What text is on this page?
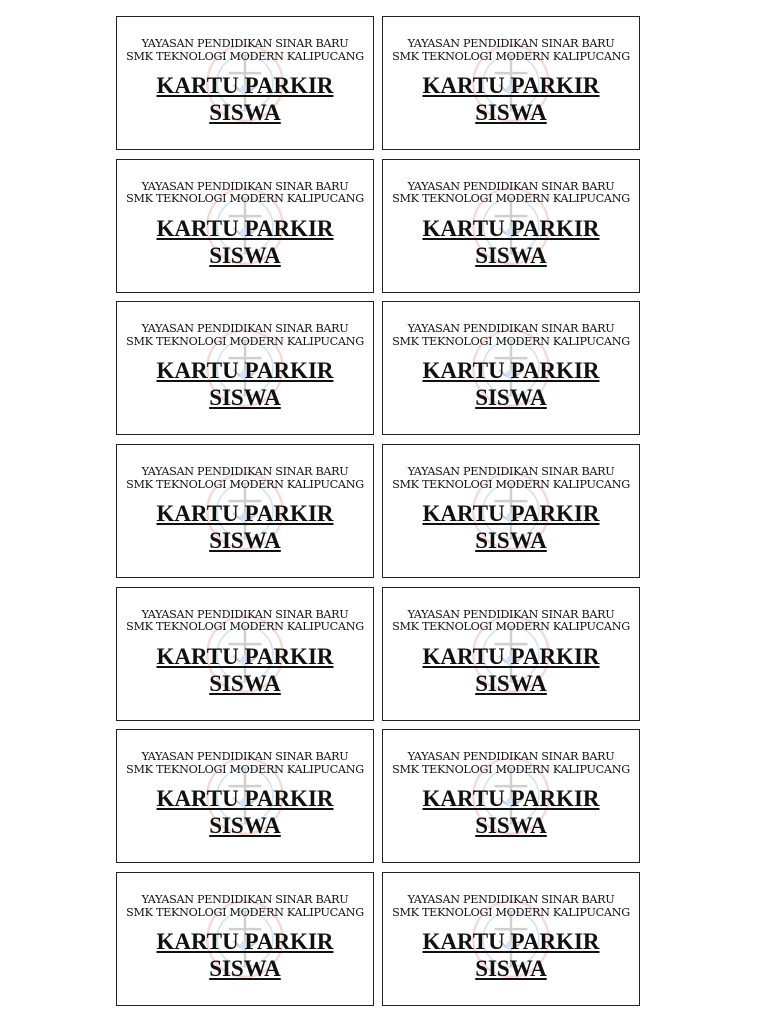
YAYASAN PENDIDIKAN SINAR BARU
SMK TEKNOLOGI MODERN KALIPUCANG
KARTU PARKIR
SISWA
YAYASAN PENDIDIKAN SINAR BARU
SMK TEKNOLOGI MODERN KALIPUCANG
KARTU PARKIR
SISWA
YAYASAN PENDIDIKAN SINAR BARU
SMK TEKNOLOGI MODERN KALIPUCANG
KARTU PARKIR
SISWA
YAYASAN PENDIDIKAN SINAR BARU
SMK TEKNOLOGI MODERN KALIPUCANG
KARTU PARKIR
SISWA
YAYASAN PENDIDIKAN SINAR BARU
SMK TEKNOLOGI MODERN KALIPUCANG
KARTU PARKIR
SISWA
YAYASAN PENDIDIKAN SINAR BARU
SMK TEKNOLOGI MODERN KALIPUCANG
KARTU PARKIR
SISWA
YAYASAN PENDIDIKAN SINAR BARU
SMK TEKNOLOGI MODERN KALIPUCANG
KARTU PARKIR
SISWA
YAYASAN PENDIDIKAN SINAR BARU
SMK TEKNOLOGI MODERN KALIPUCANG
KARTU PARKIR
SISWA
YAYASAN PENDIDIKAN SINAR BARU
SMK TEKNOLOGI MODERN KALIPUCANG
KARTU PARKIR
SISWA
YAYASAN PENDIDIKAN SINAR BARU
SMK TEKNOLOGI MODERN KALIPUCANG
KARTU PARKIR
SISWA
YAYASAN PENDIDIKAN SINAR BARU
SMK TEKNOLOGI MODERN KALIPUCANG
KARTU PARKIR
SISWA
YAYASAN PENDIDIKAN SINAR BARU
SMK TEKNOLOGI MODERN KALIPUCANG
KARTU PARKIR
SISWA
YAYASAN PENDIDIKAN SINAR BARU
SMK TEKNOLOGI MODERN KALIPUCANG
KARTU PARKIR
SISWA
YAYASAN PENDIDIKAN SINAR BARU
SMK TEKNOLOGI MODERN KALIPUCANG
KARTU PARKIR
SISWA
